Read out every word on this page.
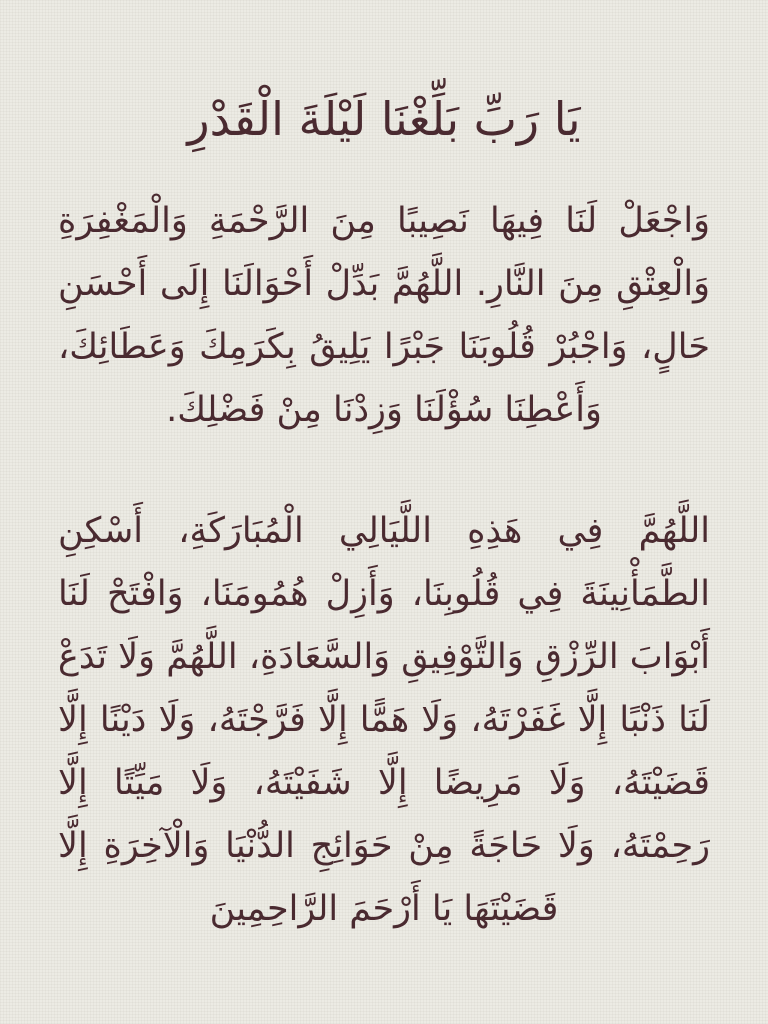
يَا رَبِّ بَلِّغْنَا لَيْلَةَ الْقَدْرِ

وَاجْعَلْ لَنَا فِيهَا نَصِيبًا مِنَ الرَّحْمَةِ وَالْمَغْفِرَةِ وَالْعِتْقِ مِنَ النَّارِ. اللَّهُمَّ بَدِّلْ أَحْوَالَنَا إِلَى أَحْسَنِ حَالٍ، وَاجْبُرْ قُلُوبَنَا جَبْرًا يَلِيقُ بِكَرَمِكَ وَعَطَائِكَ، وَأَعْطِنَا سُؤْلَنَا وَزِدْنَا مِنْ فَضْلِكَ.

اللَّهُمَّ فِي هَذِهِ اللَّيَالِي الْمُبَارَكَةِ، أَسْكِنِ الطَّمَأْنِينَةَ فِي قُلُوبِنَا، وَأَزِلْ هُمُومَنَا، وَافْتَحْ لَنَا أَبْوَابَ الرِّزْقِ وَالتَّوْفِيقِ وَالسَّعَادَةِ، اللَّهُمَّ وَلَا تَدَعْ لَنَا ذَنْبًا إِلَّا غَفَرْتَهُ، وَلَا هَمًّا إِلَّا فَرَّجْتَهُ، وَلَا دَيْنًا إِلَّا قَضَيْتَهُ، وَلَا مَرِيضًا إِلَّا شَفَيْتَهُ، وَلَا مَيِّتًا إِلَّا رَحِمْتَهُ، وَلَا حَاجَةً مِنْ حَوَائِجِ الدُّنْيَا وَالْآخِرَةِ إِلَّا قَضَيْتَهَا يَا أَرْحَمَ الرَّاحِمِينَ
